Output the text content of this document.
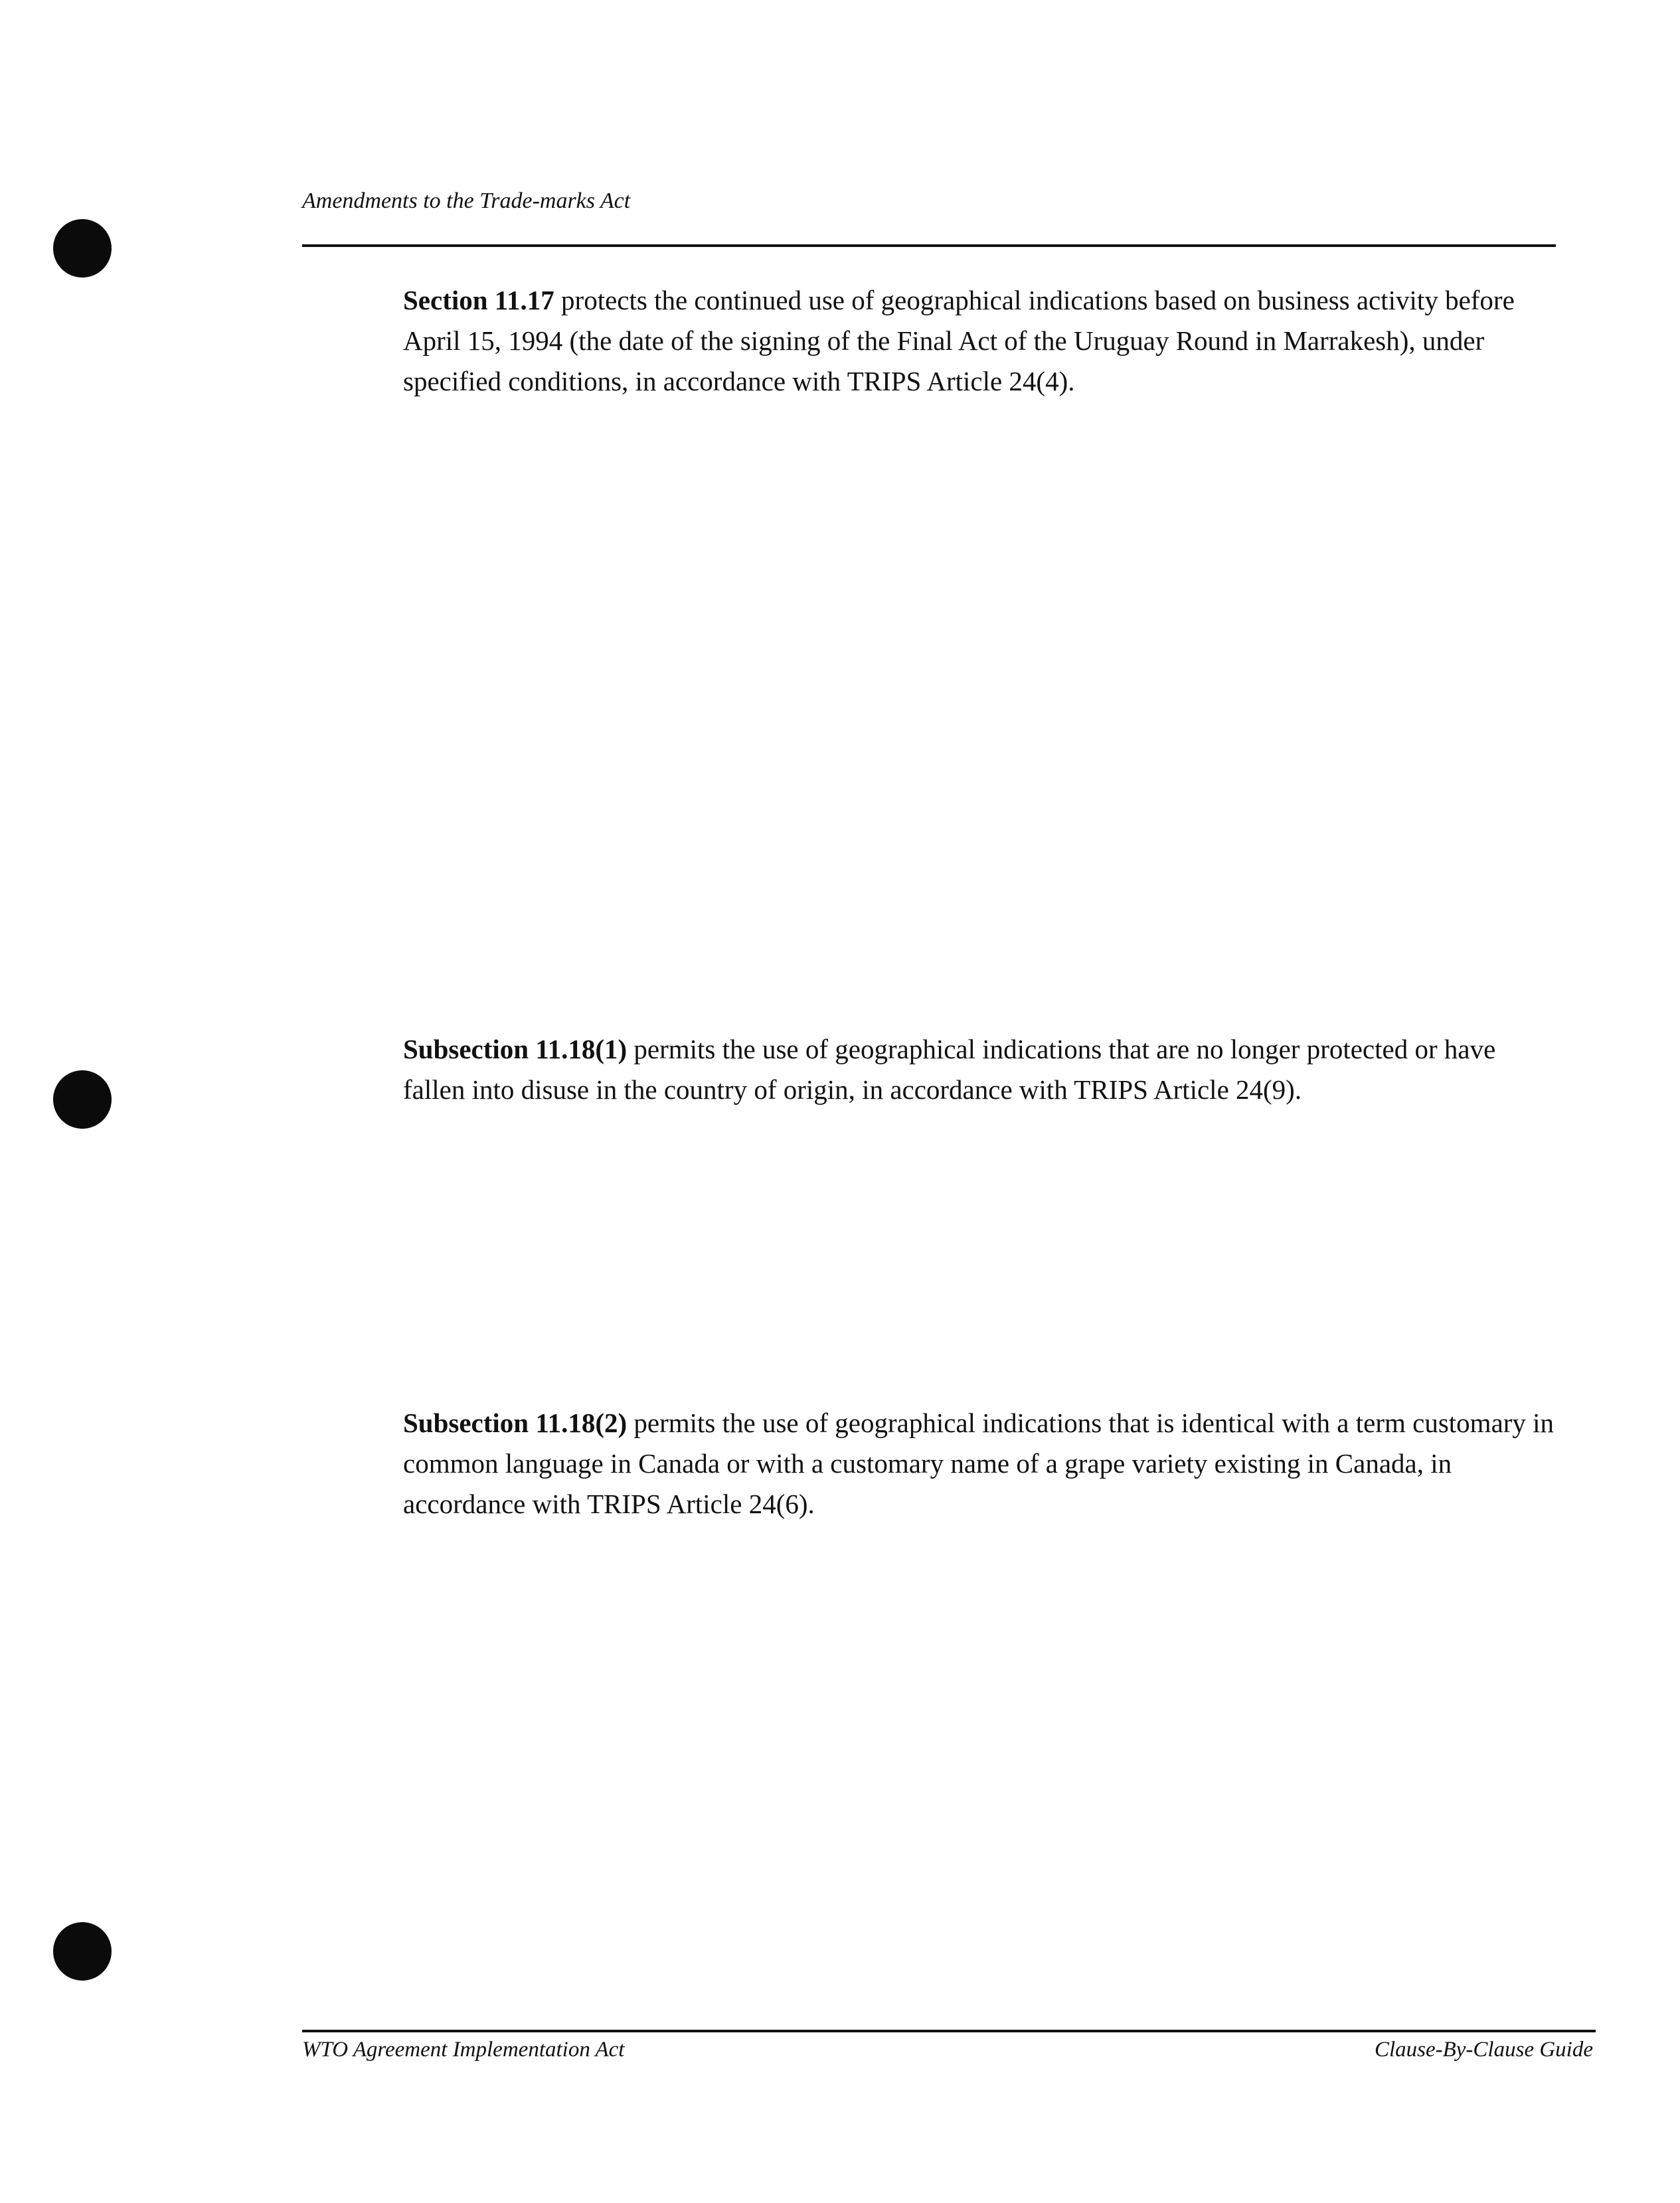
Amendments to the Trade-marks Act
Section 11.17 protects the continued use of geographical indications based on business activity before April 15, 1994 (the date of the signing of the Final Act of the Uruguay Round in Marrakesh), under specified conditions, in accordance with TRIPS Article 24(4).
Subsection 11.18(1) permits the use of geographical indications that are no longer protected or have fallen into disuse in the country of origin, in accordance with TRIPS Article 24(9).
Subsection 11.18(2) permits the use of geographical indications that is identical with a term customary in common language in Canada or with a customary name of a grape variety existing in Canada, in accordance with TRIPS Article 24(6).
WTO Agreement Implementation Act	Clause-By-Clause Guide
